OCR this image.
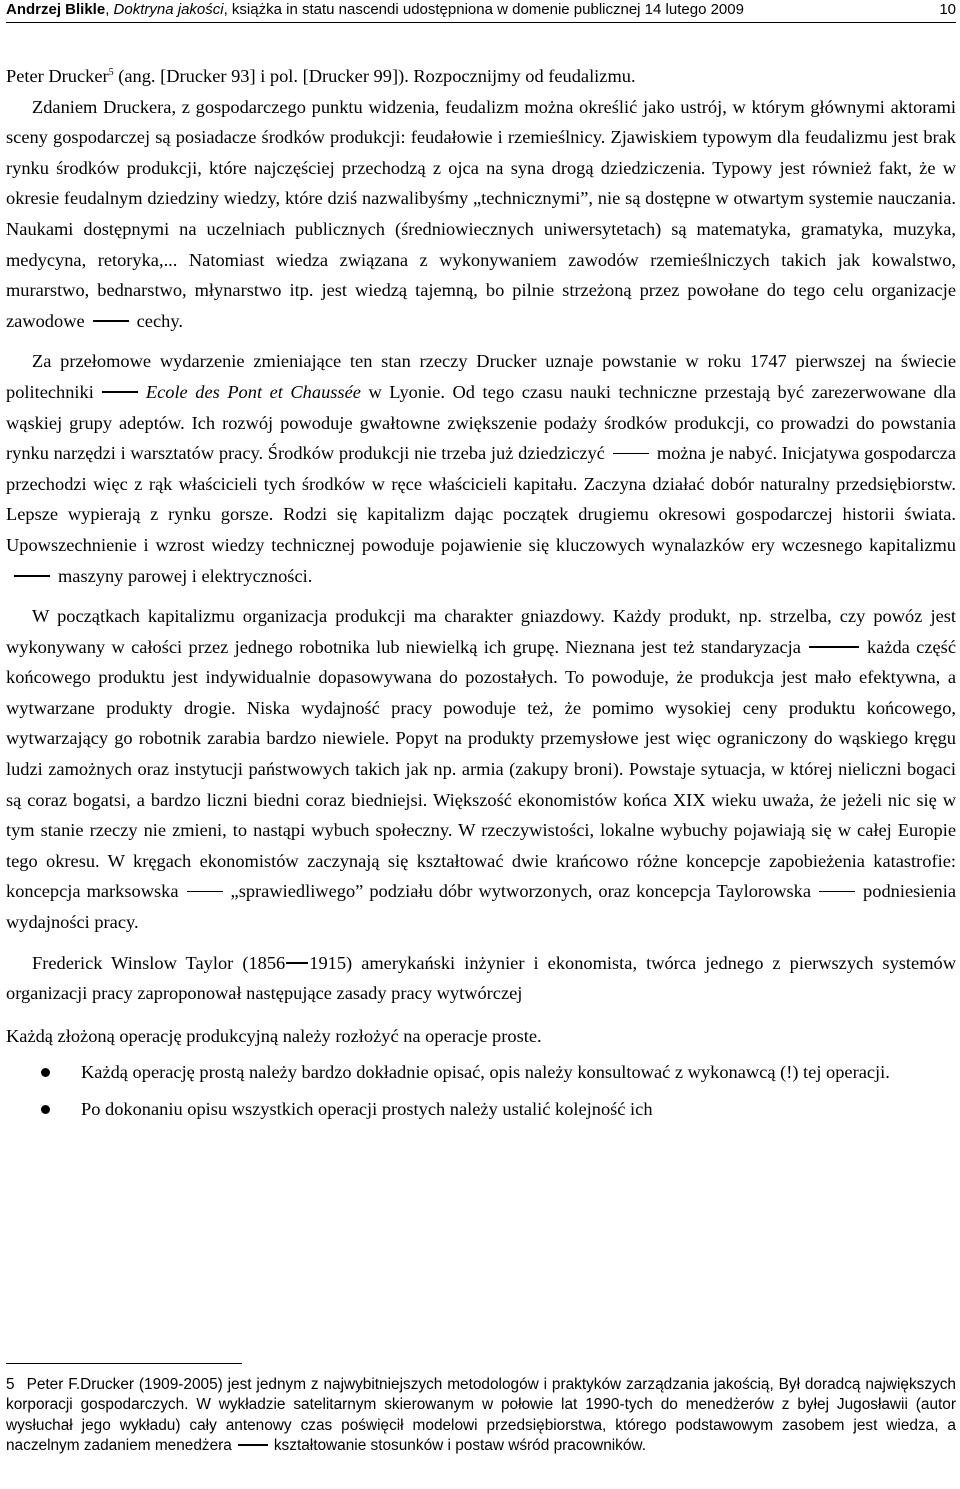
Andrzej Blikle, Doktryna jakości, książka in statu nascendi udostępniona w domenie publicznej 14 lutego 2009	10

Peter Drucker$^5$ (ang. [Drucker 93] i pol. [Drucker 99]). Rozpocznijmy od feudalizmu.

Zdaniem Druckera, z gospodarczego punktu widzenia, feudalizm można określić jako ustrój, w którym głównymi aktorami sceny gospodarczej są posiadacze środków produkcji: feudałowie i rzemieślnicy. Zjawiskiem typowym dla feudalizmu jest brak rynku środków produkcji, które najczęściej przechodzą z ojca na syna drogą dziedziczenia. Typowy jest również fakt, że w okresie feudalnym dziedziny wiedzy, które dziś nazwalibyśmy „technicznymi”, nie są dostępne w otwartym systemie nauczania. Naukami dostępnymi na uczelniach publicznych (średniowiecznych uniwersytetach) są matematyka, gramatyka, muzyka, medycyna, retoryka,... Natomiast wiedza związana z wykonywaniem zawodów rzemieślniczych takich jak kowalstwo, murarstwo, bednarstwo, młynarstwo itp. jest wiedzą tajemną, bo pilnie strzeżoną przez powołane do tego celu organizacje zawodowe	cechy.

Za przełomowe wydarzenie zmieniające ten stan rzeczy Drucker uznaje powstanie w roku 1747 pierwszej na świecie politechniki	Ecole des Pont et Chaussée w Lyonie. Od tego czasu nauki techniczne przestają być zarezerwowane dla wąskiej grupy adeptów. Ich rozwój powoduje gwałtowne zwiększenie podaży środków produkcji, co prowadzi do powstania rynku narzędzi i warsztatów pracy. Środków produkcji nie trzeba już dziedziczyć	można je nabyć. Inicjatywa gospodarcza przechodzi więc z rąk właścicieli tych środków w ręce właścicieli kapitału. Zaczyna działać dobór naturalny przedsiębiorstw. Lepsze wypierają z rynku gorsze. Rodzi się kapitalizm dając początek drugiemu okresowi gospodarczej historii świata. Upowszechnienie i wzrost wiedzy technicznej powoduje pojawienie się kluczowych wynalazków ery wczesnego kapitalizmumaszyny parowej i elektryczności.

W początkach kapitalizmu organizacja produkcji ma charakter gniazdowy. Każdy produkt, np. strzelba, czy powóz jest wykonywany w całości przez jednego robotnika lub niewielką ich grupę. Nieznana jest też standaryzacja	każda część końcowego produktu jest indywidualnie dopasowywana do pozostałych. To powoduje, że produkcja jest mało efektywna, a wytwarzane produkty drogie. Niska wydajność pracy powoduje też, że pomimo wysokiej ceny produktu końcowego, wytwarzający go robotnik zarabia bardzo niewiele. Popyt na produkty przemysłowe jest więc ograniczony do wąskiego kręgu ludzi zamożnych oraz instytucji państwowych takich jak np. armia (zakupy broni). Powstaje sytuacja, w której nieliczni bogaci są coraz bogatsi, a bardzo liczni biedni coraz biedniejsi. Większość ekonomistów końca XIX wieku uważa, że jeżeli nic się w tym stanie rzeczy nie zmieni, to nastąpi wybuch społeczny. W rzeczywistości, lokalne wybuchy pojawiają się w całej Europie tego okresu. W kręgach ekonomistów zaczynają się kształtować dwie krańcowo różne koncepcje zapobieżenia katastrofie: koncepcja marksowska	„sprawiedliwego” podziału dóbr wytworzonych, oraz koncepcja Taylorowska	podniesienia wydajności pracy.

Frederick Winslow Taylor (1856 1915) amerykański inżynier i ekonomista, twórca jednego z pierwszych systemów organizacji pracy zaproponował następujące zasady pracy wytwórczej

Każdą złożoną operację produkcyjną należy rozłożyć na operacje proste.

Każdą operację prostą należy bardzo dokładnie opisać, opis należy konsultować z wykonawcą (!) tej operacji.
Po dokonaniu opisu wszystkich operacji prostych należy ustalić kolejność ich
5 Peter F.Drucker (1909-2005) jest jednym z najwybitniejszych metodologów i praktyków zarządzania jakością, Był doradcą największych korporacji gospodarczych. W wykładzie satelitarnym skierowanym w połowie lat 1990-tych do menedżerów z byłej Jugosławii (autor wysłuchał jego wykładu) cały antenowy czas poświęcił modelowi przedsiębiorstwa, którego podstawowym zasobem jest wiedza, a naczelnym zadaniem menedżera	kształtowanie stosunków i postaw wśród pracowników.
